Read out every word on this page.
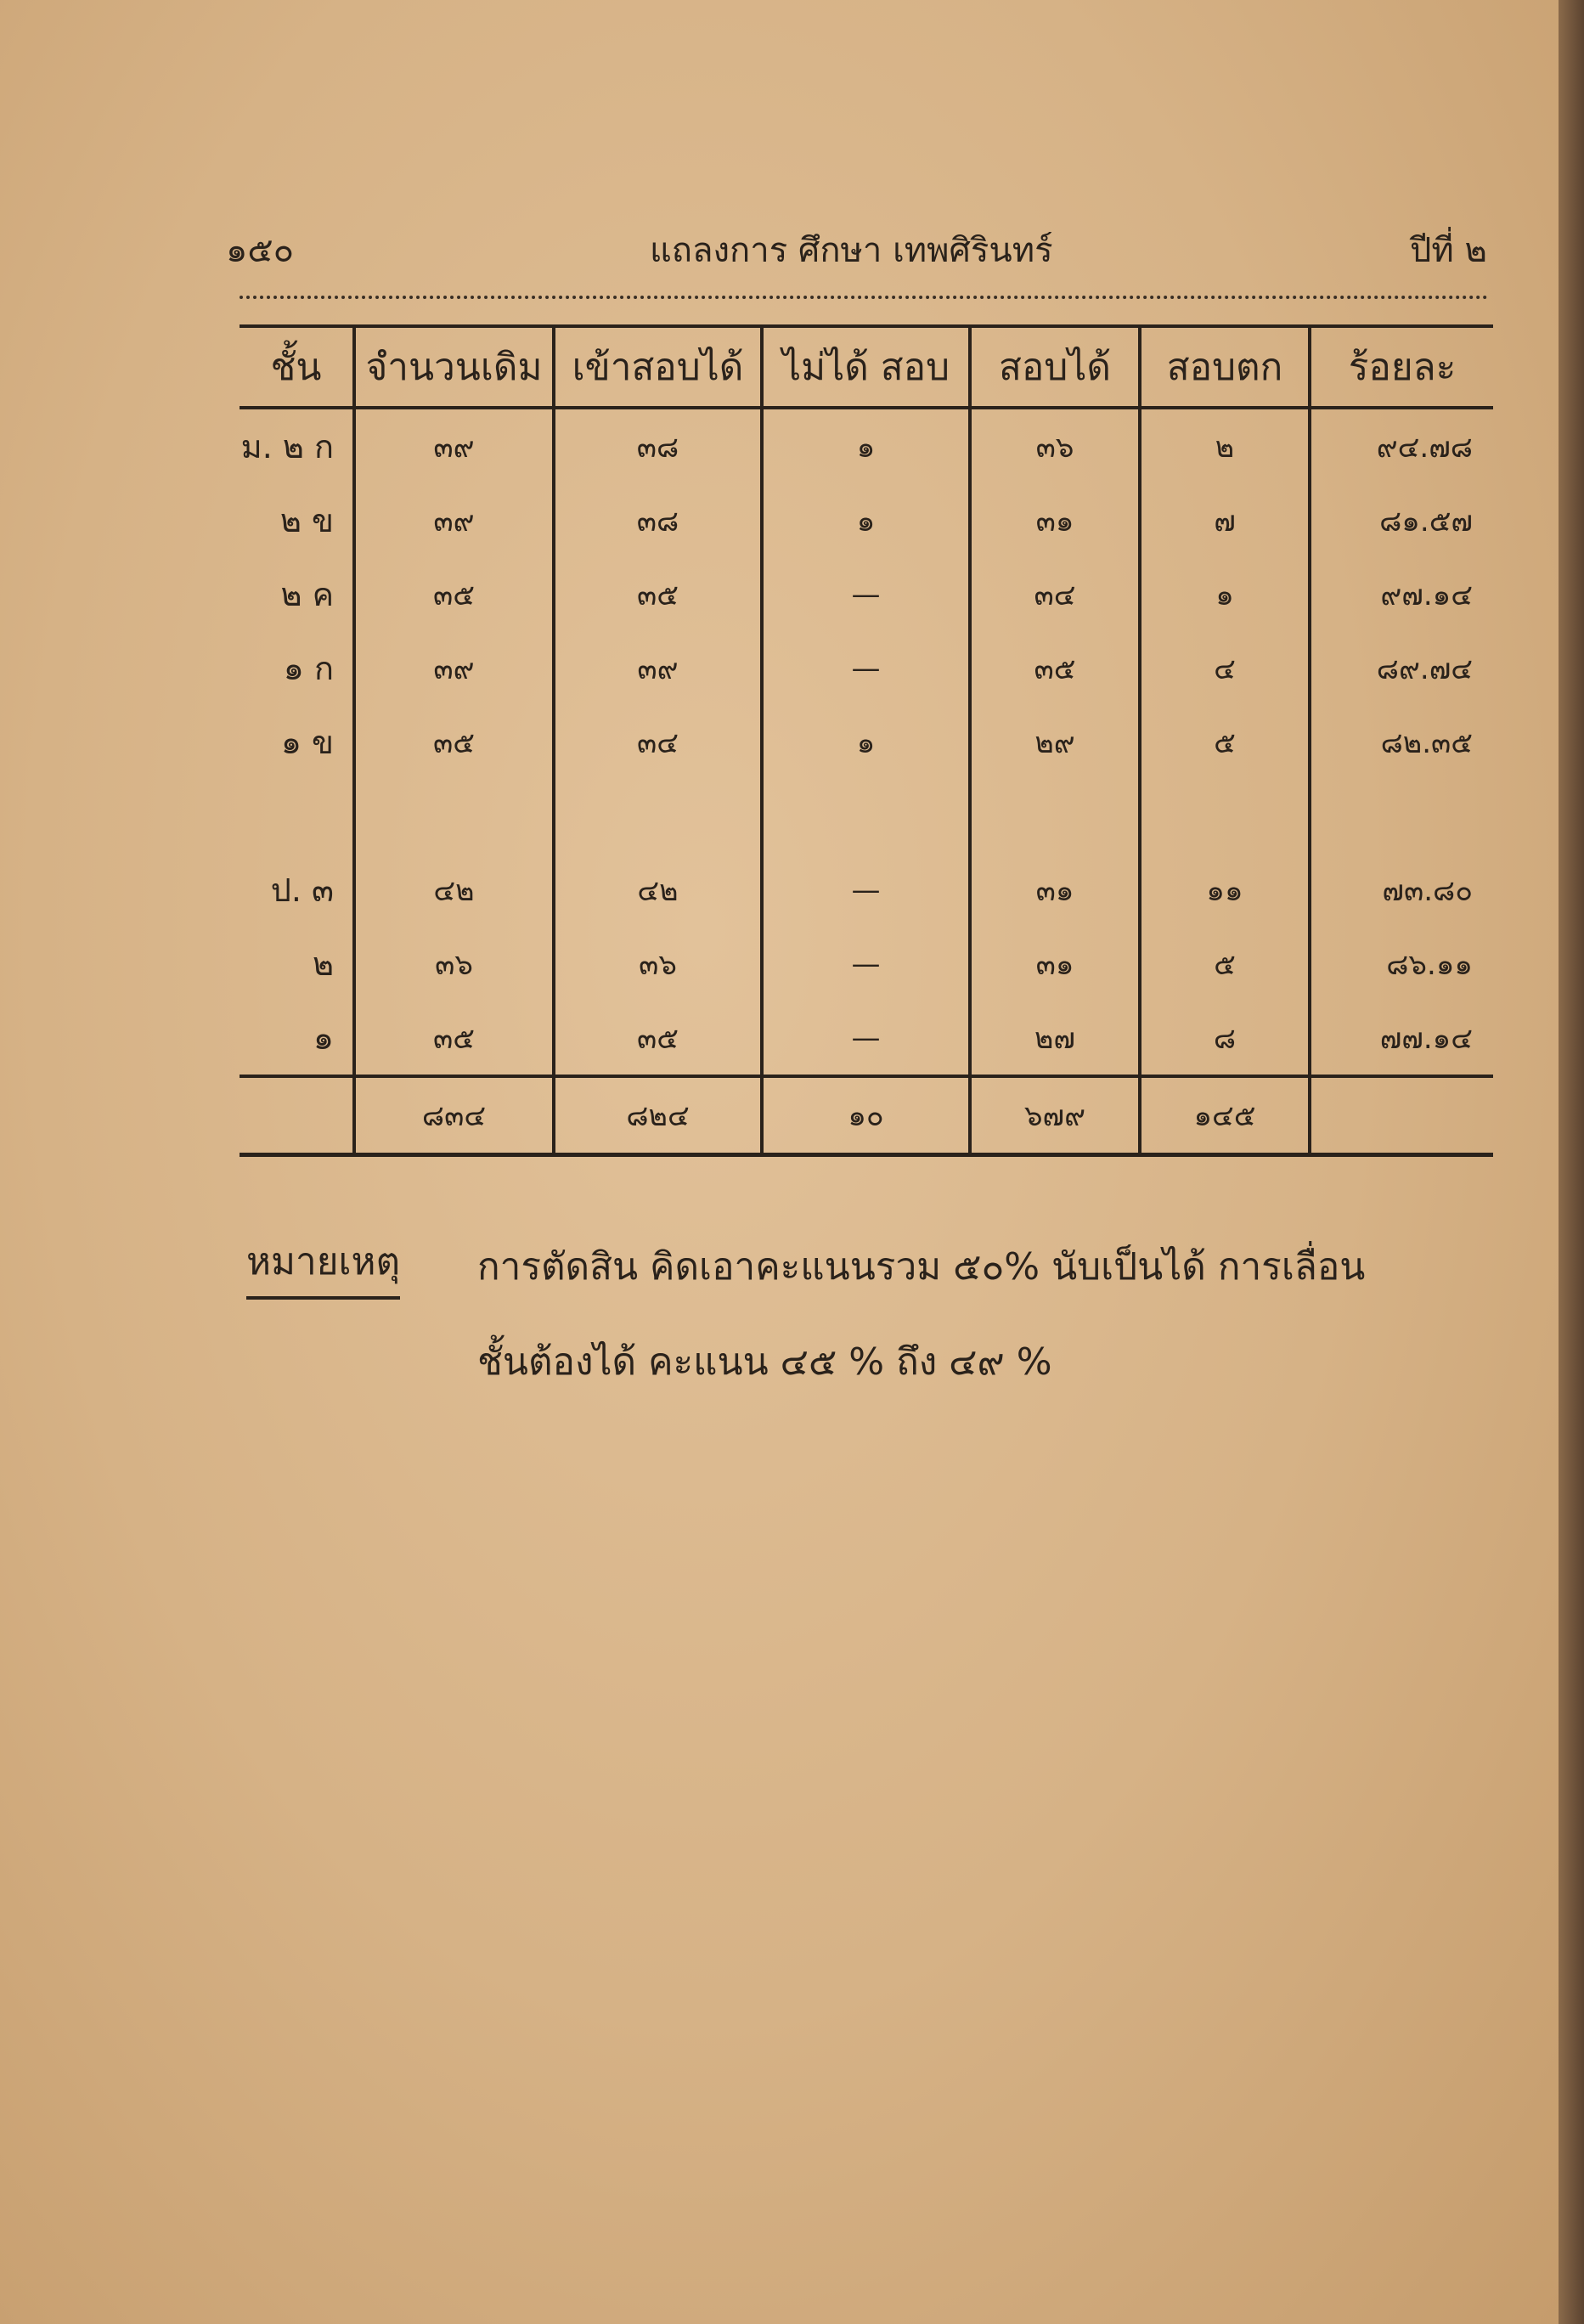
๑๕๐	แถลงการ ศึกษา เทพศิรินทร์	ปีที่ ๒
ชั้น	จำนวนเดิม	เข้าสอบได้	ไม่ได้ สอบ	สอบได้	สอบตก	ร้อยละ
ม. ๒ ก	๓๙	๓๘	๑	๓๖	๒	๙๔.๗๘
๒ ข	๓๙	๓๘	๑	๓๑	๗	๘๑.๕๗
๒ ค	๓๕	๓๕	—	๓๔	๑	๙๗.๑๔
๑ ก	๓๙	๓๙	—	๓๕	๔	๘๙.๗๔
๑ ข	๓๕	๓๔	๑	๒๙	๕	๘๒.๓๕

ป. ๓	๔๒	๔๒	—	๓๑	๑๑	๗๓.๘๐
๒	๓๖	๓๖	—	๓๑	๕	๘๖.๑๑
๑	๓๕	๓๕	—	๒๗	๘	๗๗.๑๔
	๘๓๔	๘๒๔	๑๐	๖๗๙	๑๔๕	
หมายเหตุ การตัดสิน คิดเอาคะแนนรวม ๕๐% นับเป็นได้ การเลื่อน
ชั้นต้องได้ คะแนน ๔๕ % ถึง ๔๙ %
